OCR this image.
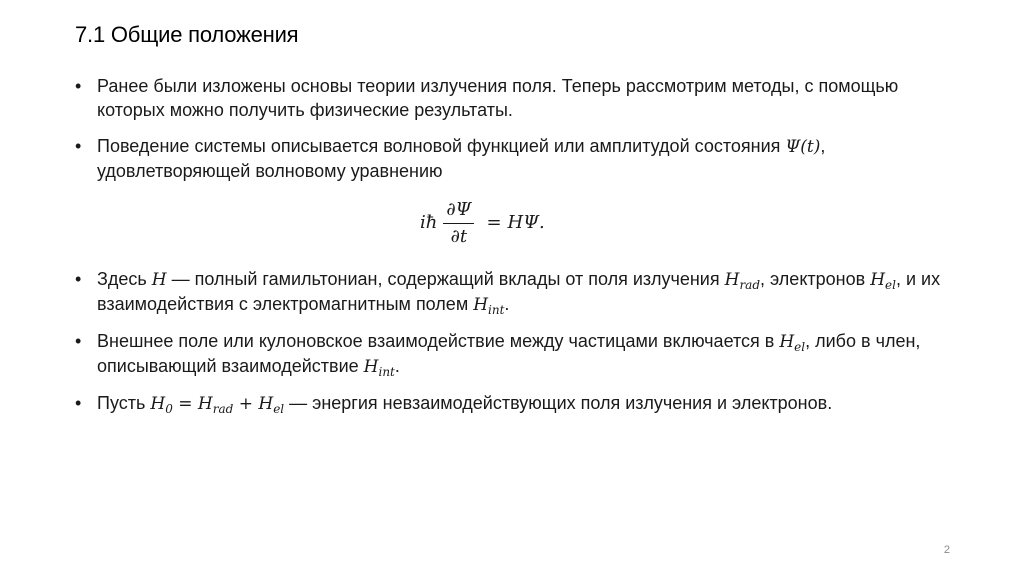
7.1 Общие положения
• Ранее были изложены основы теории излучения поля. Теперь рассмотрим методы, с помощью которых можно получить физические результаты.
• Поведение системы описывается волновой функцией или амплитудой состояния Ψ(t), удовлетворяющей волновому уравнению
iħ $\frac{\partial\Psi}{\partial t} = H\Psi$.
• Здесь H — полный гамильтониан, содержащий вклады от поля излучения $H_{rad}$, электронов $H_{el}$, и их взаимодействия с электромагнитным полем $H_{int}$.
• Внешнее поле или кулоновское взаимодействие между частицами включается в $H_{el}$, либо в член, описывающий взаимодействие $H_{int}$.
• Пусть $H_0 = H_{rad} + H_{el}$ — энергия невзаимодействующих поля излучения и электронов.
2
